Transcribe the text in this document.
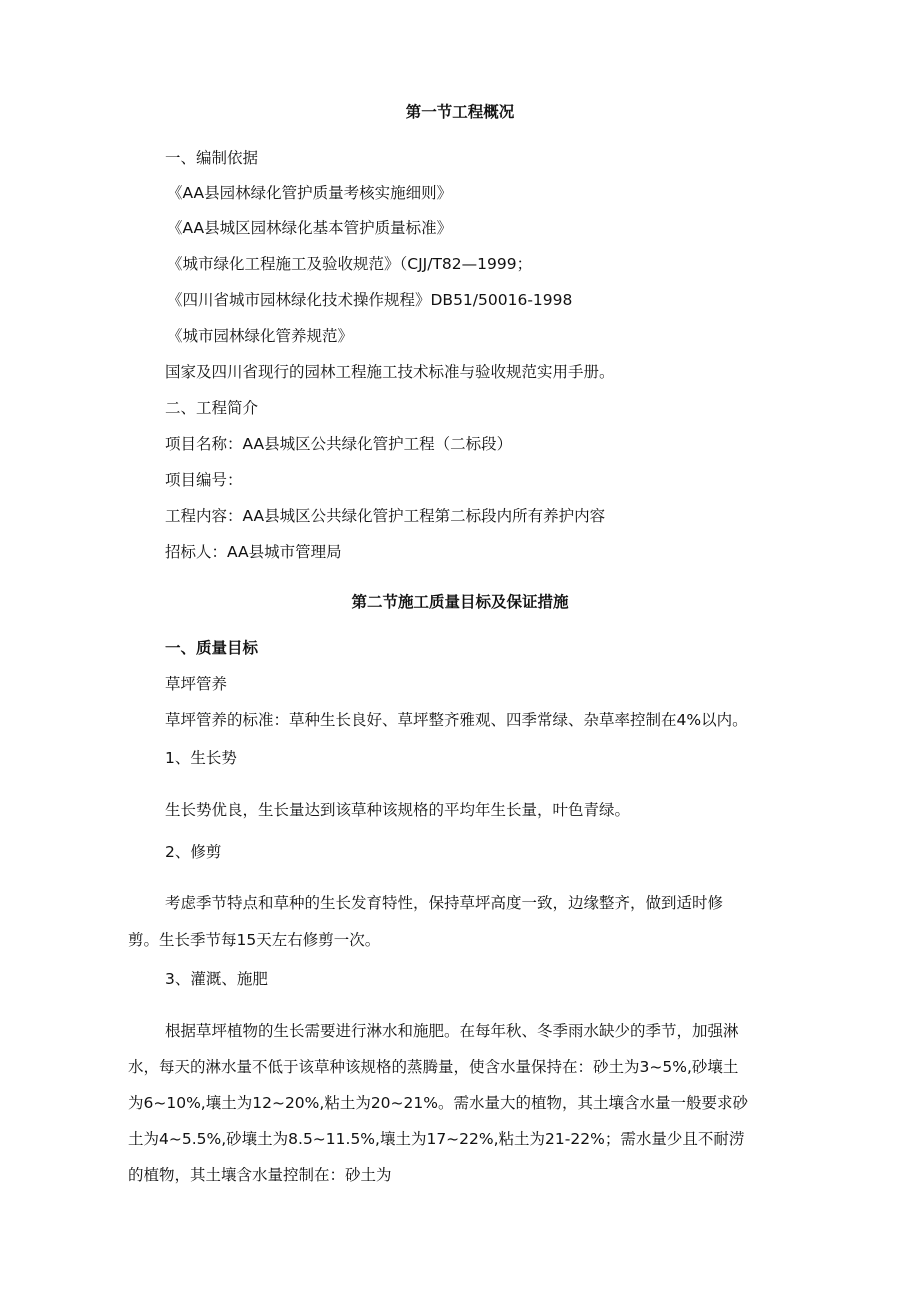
第一节工程概况

一、编制依据

《AA县园林绿化管护质量考核实施细则》

《AA县城区园林绿化基本管护质量标准》

《城市绿化工程施工及验收规范》（CJJ/T82—1999；

《四川省城市园林绿化技术操作规程》DB51/50016-1998

《城市园林绿化管养规范》

国家及四川省现行的园林工程施工技术标准与验收规范实用手册。

二、工程简介

项目名称：AA县城区公共绿化管护工程（二标段）

项目编号：

工程内容：AA县城区公共绿化管护工程第二标段内所有养护内容

招标人：AA县城市管理局

第二节施工质量目标及保证措施

一、质量目标

草坪管养

草坪管养的标准：草种生长良好、草坪整齐雅观、四季常绿、杂草率控制在4%以内。

1、生长势

生长势优良，生长量达到该草种该规格的平均年生长量，叶色青绿。

2、修剪

考虑季节特点和草种的生长发育特性，保持草坪高度一致，边缘整齐，做到适时修

剪。生长季节每15天左右修剪一次。

3、灌溉、施肥

根据草坪植物的生长需要进行淋水和施肥。在每年秋、冬季雨水缺少的季节，加强淋

水，每天的淋水量不低于该草种该规格的蒸腾量，使含水量保持在：砂土为3~5%,砂壤土

为6~10%,壤土为12~20%,粘土为20~21%。需水量大的植物，其土壤含水量一般要求砂

土为4~5.5%,砂壤土为8.5~11.5%,壤土为17~22%,粘土为21-22%；需水量少且不耐涝

的植物，其土壤含水量控制在：砂土为
